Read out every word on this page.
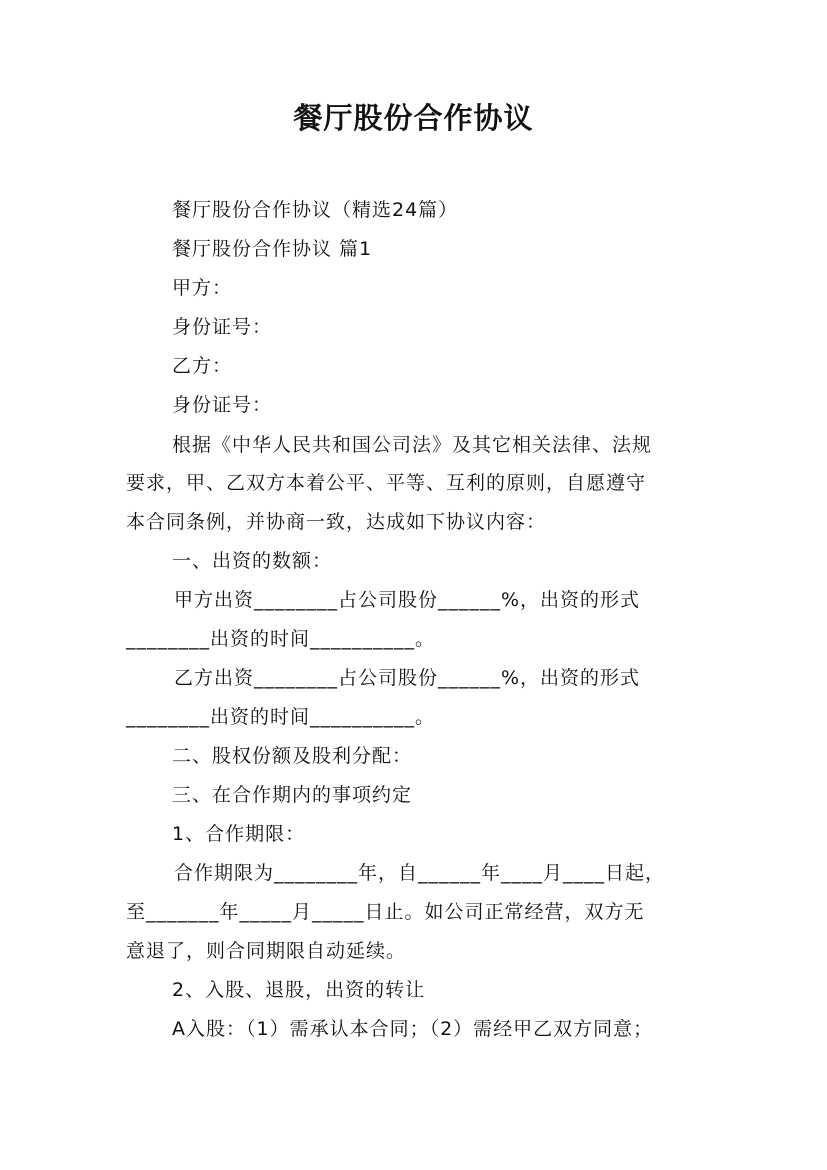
餐厅股份合作协议
餐厅股份合作协议（精选24篇）
餐厅股份合作协议 篇1
甲方：
身份证号：
乙方：
身份证号：
根据《中华人民共和国公司法》及其它相关法律、法规
要求，甲、乙双方本着公平、平等、互利的原则，自愿遵守
本合同条例，并协商一致，达成如下协议内容：
一、出资的数额：
甲方出资________占公司股份______%，出资的形式
________出资的时间__________。
乙方出资________占公司股份______%，出资的形式
________出资的时间__________。
二、股权份额及股利分配：
三、在合作期内的事项约定
1、合作期限：
合作期限为________年，自______年____月____日起，
至_______年_____月_____日止。如公司正常经营，双方无
意退了，则合同期限自动延续。
2、入股、退股，出资的转让
A入股：（1）需承认本合同；（2）需经甲乙双方同意；
